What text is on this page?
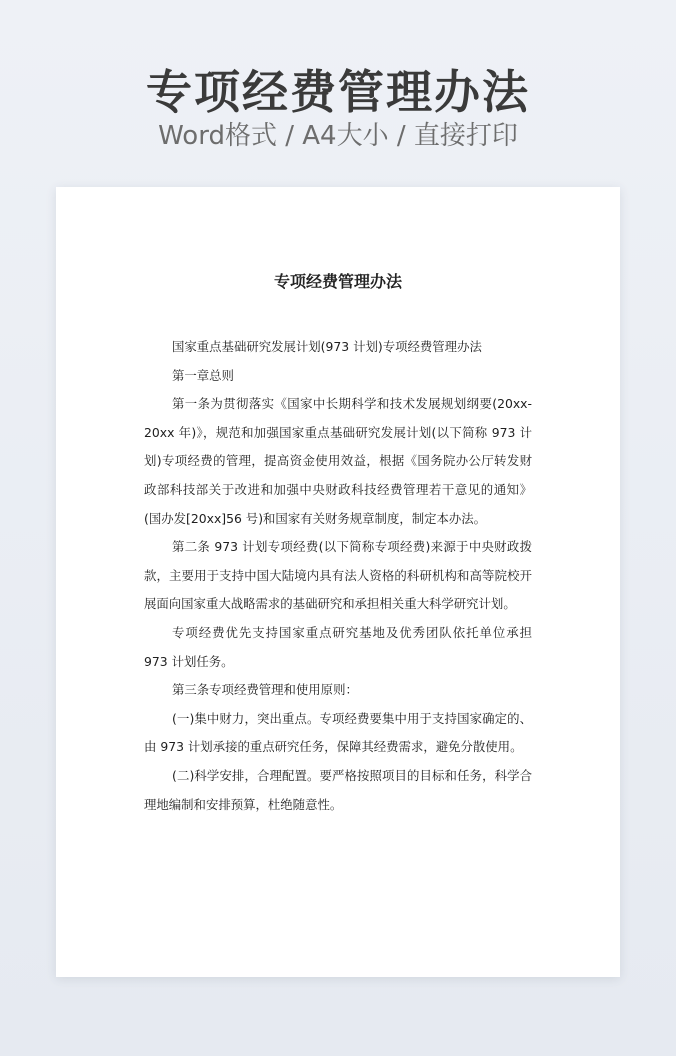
专项经费管理办法
Word格式 / A4大小 / 直接打印
专项经费管理办法

国家重点基础研究发展计划(973 计划)专项经费管理办法

第一章总则

第一条为贯彻落实《国家中长期科学和技术发展规划纲要(20xx-20xx 年)》，规范和加强国家重点基础研究发展计划(以下简称 973 计划)专项经费的管理，提高资金使用效益，根据《国务院办公厅转发财政部科技部关于改进和加强中央财政科技经费管理若干意见的通知》(国办发[20xx]56 号)和国家有关财务规章制度，制定本办法。

第二条 973 计划专项经费(以下简称专项经费)来源于中央财政拨款，主要用于支持中国大陆境内具有法人资格的科研机构和高等院校开展面向国家重大战略需求的基础研究和承担相关重大科学研究计划。

专项经费优先支持国家重点研究基地及优秀团队依托单位承担 973 计划任务。

第三条专项经费管理和使用原则：

(一)集中财力，突出重点。专项经费要集中用于支持国家确定的、由 973 计划承接的重点研究任务，保障其经费需求，避免分散使用。

(二)科学安排，合理配置。要严格按照项目的目标和任务，科学合理地编制和安排预算，杜绝随意性。
